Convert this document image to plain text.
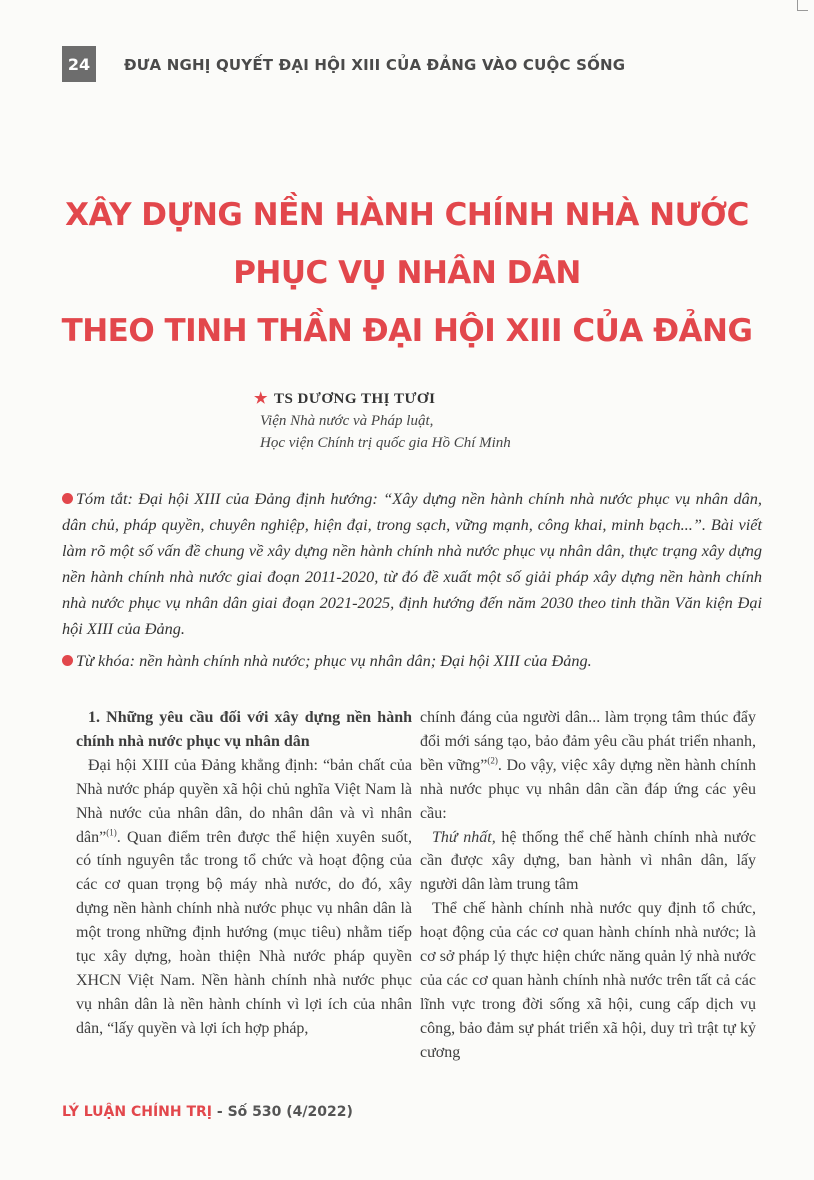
24	ĐƯA NGHỊ QUYẾT ĐẠI HỘI XIII CỦA ĐẢNG VÀO CUỘC SỐNG
XÂY DỰNG NỀN HÀNH CHÍNH NHÀ NƯỚC
PHỤC VỤ NHÂN DÂN
THEO TINH THẦN ĐẠI HỘI XIII CỦA ĐẢNG
★ TS DƯƠNG THỊ TƯƠI
Viện Nhà nước và Pháp luật,
Học viện Chính trị quốc gia Hồ Chí Minh

Tóm tắt: Đại hội XIII của Đảng định hướng: “Xây dựng nền hành chính nhà nước phục vụ nhân dân, dân chủ, pháp quyền, chuyên nghiệp, hiện đại, trong sạch, vững mạnh, công khai, minh bạch...”. Bài viết làm rõ một số vấn đề chung về xây dựng nền hành chính nhà nước phục vụ nhân dân, thực trạng xây dựng nền hành chính nhà nước giai đoạn 2011-2020, từ đó đề xuất một số giải pháp xây dựng nền hành chính nhà nước phục vụ nhân dân giai đoạn 2021-2025, định hướng đến năm 2030 theo tinh thần Văn kiện Đại hội XIII của Đảng.

Từ khóa: nền hành chính nhà nước; phục vụ nhân dân; Đại hội XIII của Đảng.

1. Những yêu cầu đối với xây dựng nền hành chính nhà nước phục vụ nhân dân

Đại hội XIII của Đảng khẳng định: “bản chất của Nhà nước pháp quyền xã hội chủ nghĩa Việt Nam là Nhà nước của nhân dân, do nhân dân và vì nhân dân”$^{(1)}$. Quan điểm trên được thể hiện xuyên suốt, có tính nguyên tắc trong tổ chức và hoạt động của các cơ quan trọng bộ máy nhà nước, do đó, xây dựng nền hành chính nhà nước phục vụ nhân dân là một trong những định hướng (mục tiêu) nhằm tiếp tục xây dựng, hoàn thiện Nhà nước pháp quyền XHCN Việt Nam. Nền hành chính nhà nước phục vụ nhân dân là nền hành chính vì lợi ích của nhân dân, “lấy quyền và lợi ích hợp pháp,

chính đáng của người dân... làm trọng tâm thúc đẩy đổi mới sáng tạo, bảo đảm yêu cầu phát triển nhanh, bền vững”$^{(2)}$. Do vậy, việc xây dựng nền hành chính nhà nước phục vụ nhân dân cần đáp ứng các yêu cầu:

Thứ nhất, hệ thống thể chế hành chính nhà nước cần được xây dựng, ban hành vì nhân dân, lấy người dân làm trung tâm

Thể chế hành chính nhà nước quy định tổ chức, hoạt động của các cơ quan hành chính nhà nước; là cơ sở pháp lý thực hiện chức năng quản lý nhà nước của các cơ quan hành chính nhà nước trên tất cả các lĩnh vực trong đời sống xã hội, cung cấp dịch vụ công, bảo đảm sự phát triển xã hội, duy trì trật tự kỷ cương

LÝ LUẬN CHÍNH TRỊ - Số 530 (4/2022)
